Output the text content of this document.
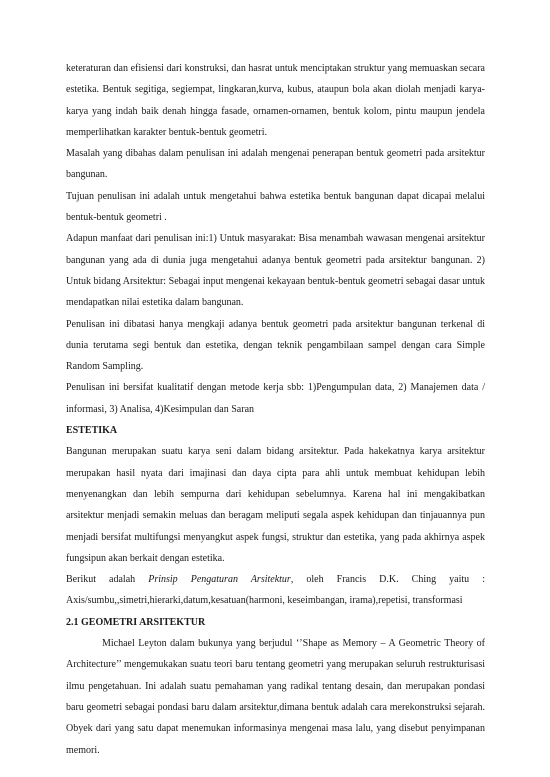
keteraturan dan efisiensi dari konstruksi, dan hasrat untuk menciptakan struktur yang memuaskan secara estetika. Bentuk segitiga, segiempat, lingkaran,kurva, kubus, ataupun bola akan diolah menjadi karya-karya yang indah baik denah hingga fasade, ornamen-ornamen, bentuk kolom, pintu maupun jendela memperlihatkan karakter bentuk-bentuk geometri.

Masalah yang dibahas dalam penulisan ini adalah mengenai penerapan bentuk geometri pada arsitektur bangunan.

Tujuan penulisan ini adalah untuk mengetahui bahwa estetika bentuk bangunan dapat dicapai melalui bentuk-bentuk geometri .

Adapun manfaat dari penulisan ini:1) Untuk masyarakat: Bisa menambah wawasan mengenai arsitektur bangunan yang ada di dunia juga mengetahui adanya bentuk geometri pada arsitektur bangunan. 2) Untuk bidang Arsitektur: Sebagai input mengenai kekayaan bentuk-bentuk geometri sebagai dasar untuk mendapatkan nilai estetika dalam bangunan.

Penulisan ini dibatasi hanya mengkaji adanya bentuk geometri pada arsitektur bangunan terkenal di dunia terutama segi bentuk dan estetika, dengan teknik pengambilaan sampel dengan cara Simple Random Sampling.

Penulisan ini bersifat kualitatif dengan metode kerja sbb: 1)Pengumpulan data, 2) Manajemen data / informasi, 3) Analisa, 4)Kesimpulan dan Saran

ESTETIKA

Bangunan merupakan suatu karya seni dalam bidang arsitektur. Pada hakekatnya karya arsitektur merupakan hasil nyata dari imajinasi dan daya cipta para ahli untuk membuat kehidupan lebih menyenangkan dan lebih sempurna dari kehidupan sebelumnya. Karena hal ini mengakibatkan arsitektur menjadi semakin meluas dan beragam meliputi segala aspek kehidupan dan tinjauannya pun menjadi bersifat multifungsi menyangkut aspek fungsi, struktur dan estetika, yang pada akhirnya aspek fungsipun akan berkait dengan estetika.

Berikut adalah Prinsip Pengaturan Arsitektur, oleh Francis D.K. Ching yaitu : Axis/sumbu,,simetri,hierarki,datum,kesatuan(harmoni, keseimbangan, irama),repetisi, transformasi

2.1 GEOMETRI ARSITEKTUR

Michael Leyton dalam bukunya yang berjudul ‘’Shape as Memory – A Geometric Theory of Architecture’’ mengemukakan suatu teori baru tentang geometri yang merupakan seluruh restrukturisasi ilmu pengetahuan. Ini adalah suatu pemahaman yang radikal tentang desain, dan merupakan pondasi baru geometri sebagai pondasi baru dalam arsitektur,dimana bentuk adalah cara merekonstruksi sejarah. Obyek dari yang satu dapat menemukan informasinya mengenai masa lalu, yang disebut penyimpanan memori.
